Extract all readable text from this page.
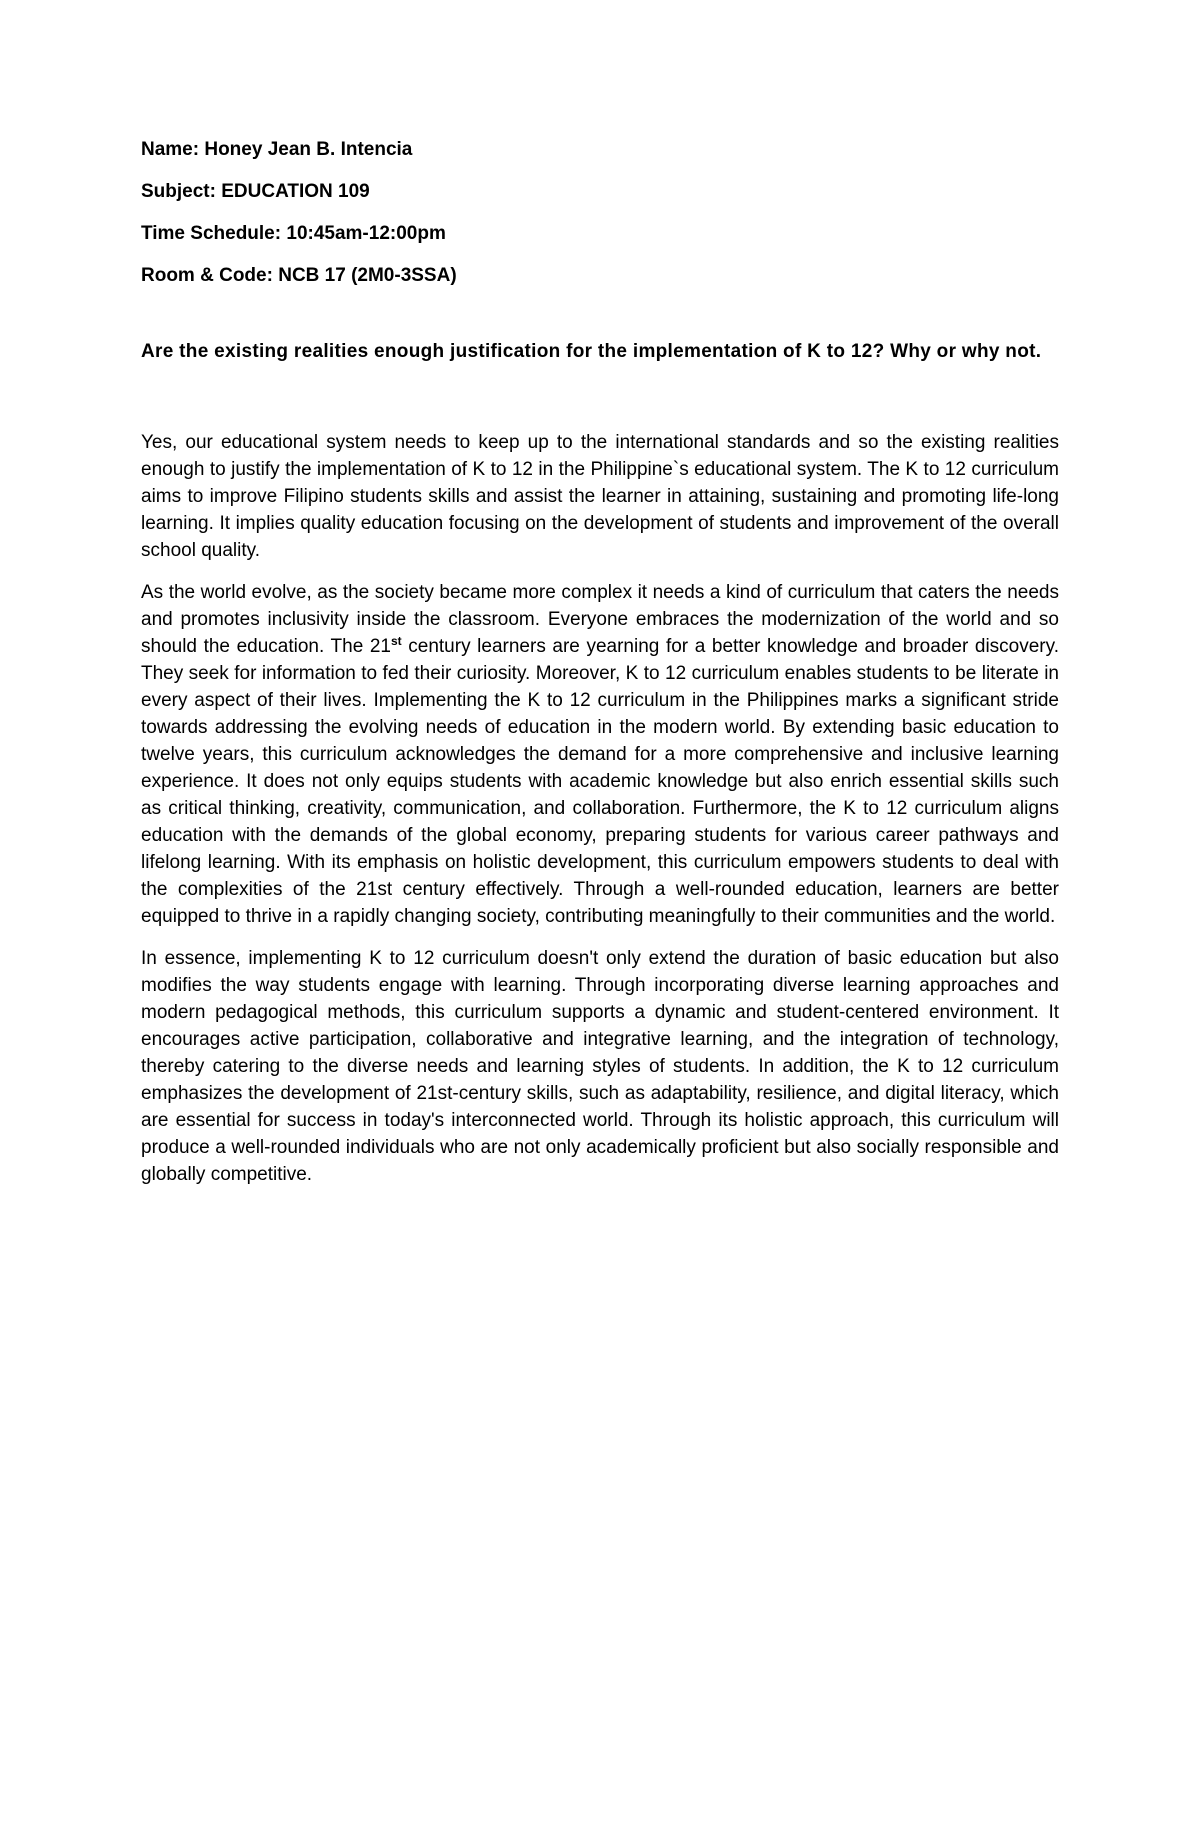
Name: Honey Jean B. Intencia
Subject: EDUCATION 109
Time Schedule: 10:45am-12:00pm
Room & Code: NCB 17 (2M0-3SSA)
Are the existing realities enough justification for the implementation of K to 12? Why or why not.

Yes, our educational system needs to keep up to the international standards and so the existing realities enough to justify the implementation of K to 12 in the Philippine`s educational system. The K to 12 curriculum aims to improve Filipino students skills and assist the learner in attaining, sustaining and promoting life-long learning. It implies quality education focusing on the development of students and improvement of the overall school quality.

As the world evolve, as the society became more complex it needs a kind of curriculum that caters the needs and promotes inclusivity inside the classroom. Everyone embraces the modernization of the world and so should the education. The 21st century learners are yearning for a better knowledge and broader discovery. They seek for information to fed their curiosity. Moreover, K to 12 curriculum enables students to be literate in every aspect of their lives. Implementing the K to 12 curriculum in the Philippines marks a significant stride towards addressing the evolving needs of education in the modern world. By extending basic education to twelve years, this curriculum acknowledges the demand for a more comprehensive and inclusive learning experience. It does not only equips students with academic knowledge but also enrich essential skills such as critical thinking, creativity, communication, and collaboration. Furthermore, the K to 12 curriculum aligns education with the demands of the global economy, preparing students for various career pathways and lifelong learning. With its emphasis on holistic development, this curriculum empowers students to deal with the complexities of the 21st century effectively. Through a well-rounded education, learners are better equipped to thrive in a rapidly changing society, contributing meaningfully to their communities and the world.

In essence, implementing K to 12 curriculum doesn't only extend the duration of basic education but also modifies the way students engage with learning. Through incorporating diverse learning approaches and modern pedagogical methods, this curriculum supports a dynamic and student-centered environment. It encourages active participation, collaborative and integrative learning, and the integration of technology, thereby catering to the diverse needs and learning styles of students. In addition, the K to 12 curriculum emphasizes the development of 21st-century skills, such as adaptability, resilience, and digital literacy, which are essential for success in today's interconnected world. Through its holistic approach, this curriculum will produce a well-rounded individuals who are not only academically proficient but also socially responsible and globally competitive.
